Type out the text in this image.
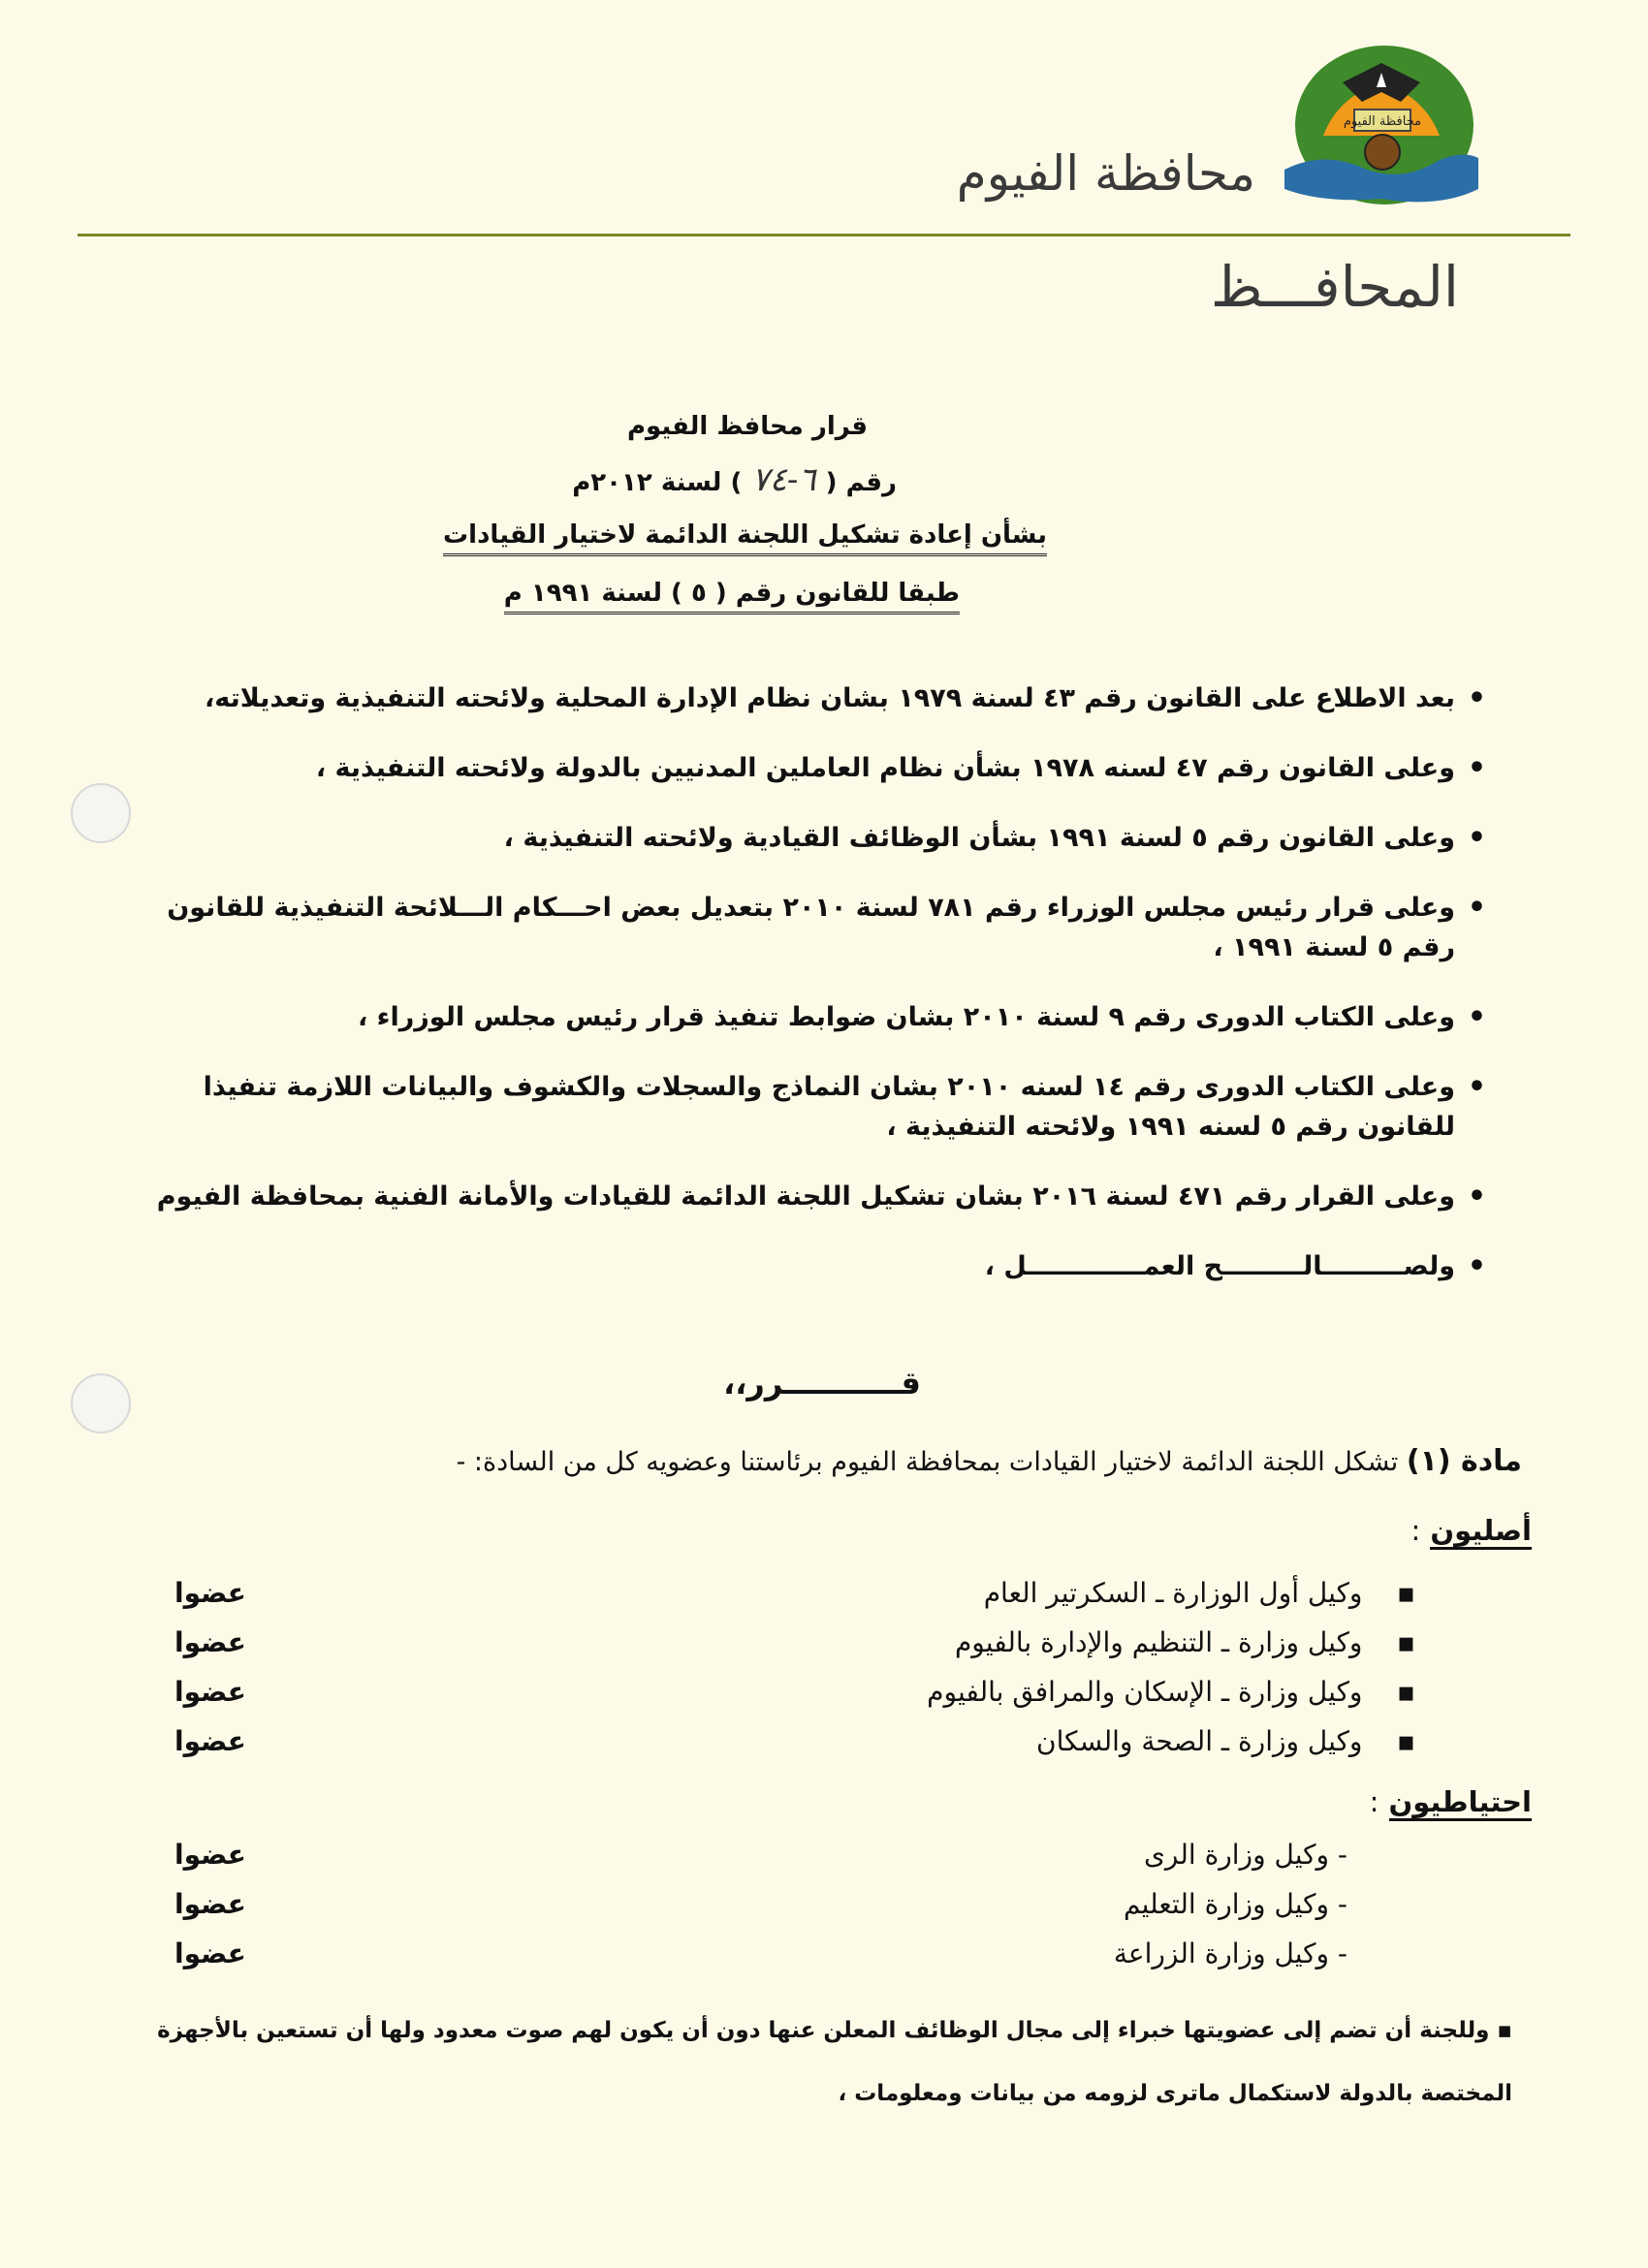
محافظة الفيوم
محافظة الفيوم
المحافـــظ
قرار محافظ الفيوم
رقم (٦-٧٤) لسنة ٢٠١٢م
بشأن إعادة تشكيل اللجنة الدائمة لاختيار القيادات
طبقا للقانون رقم ( ٥ ) لسنة ١٩٩١ م
• بعد الاطلاع على القانون رقم ٤٣ لسنة ١٩٧٩ بشان نظام الإدارة المحلية ولائحته التنفيذية وتعديلاته،
• وعلى القانون رقم ٤٧ لسنه ١٩٧٨ بشأن نظام العاملين المدنيين بالدولة ولائحته التنفيذية ،
• وعلى القانون رقم ٥ لسنة ١٩٩١ بشأن الوظائف القيادية ولائحته التنفيذية ،
• وعلى قرار رئيس مجلس الوزراء رقم ٧٨١ لسنة ٢٠١٠ بتعديل بعض احـــكام الـــلائحة التنفيذية للقانون رقم ٥ لسنة ١٩٩١ ،
• وعلى الكتاب الدورى رقم ٩ لسنة ٢٠١٠ بشان ضوابط تنفيذ قرار رئيس مجلس الوزراء ،
• وعلى الكتاب الدورى رقم ١٤ لسنه ٢٠١٠ بشان النماذج والسجلات والكشوف والبيانات اللازمة تنفيذا للقانون رقم ٥ لسنه ١٩٩١ ولائحته التنفيذية ،
• وعلى القرار رقم ٤٧١ لسنة ٢٠١٦ بشان تشكيل اللجنة الدائمة للقيادات والأمانة الفنية بمحافظة الفيوم
• ولصـــــــــالـــــــــح العمـــــــــــــل ،
قـــــــــــرر،،
مادة (١) تشكل اللجنة الدائمة لاختيار القيادات بمحافظة الفيوم برئاستنا وعضويه كل من السادة: -
أصليون :
▪    وكيل أول الوزارة ـ السكرتير العام
عضوا
▪    وكيل وزارة ـ التنظيم والإدارة بالفيوم
عضوا
▪    وكيل وزارة ـ الإسكان والمرافق بالفيوم
عضوا
▪    وكيل وزارة ـ الصحة والسكان
عضوا
احتياطيون :
- وكيل وزارة الرى
عضوا
- وكيل وزارة التعليم
عضوا
- وكيل وزارة الزراعة
عضوا
▪ وللجنة أن تضم إلى عضويتها خبراء إلى مجال الوظائف المعلن عنها دون أن يكون لهم صوت معدود ولها أن تستعين بالأجهزة المختصة بالدولة لاستكمال ماترى لزومه من بيانات ومعلومات ،
